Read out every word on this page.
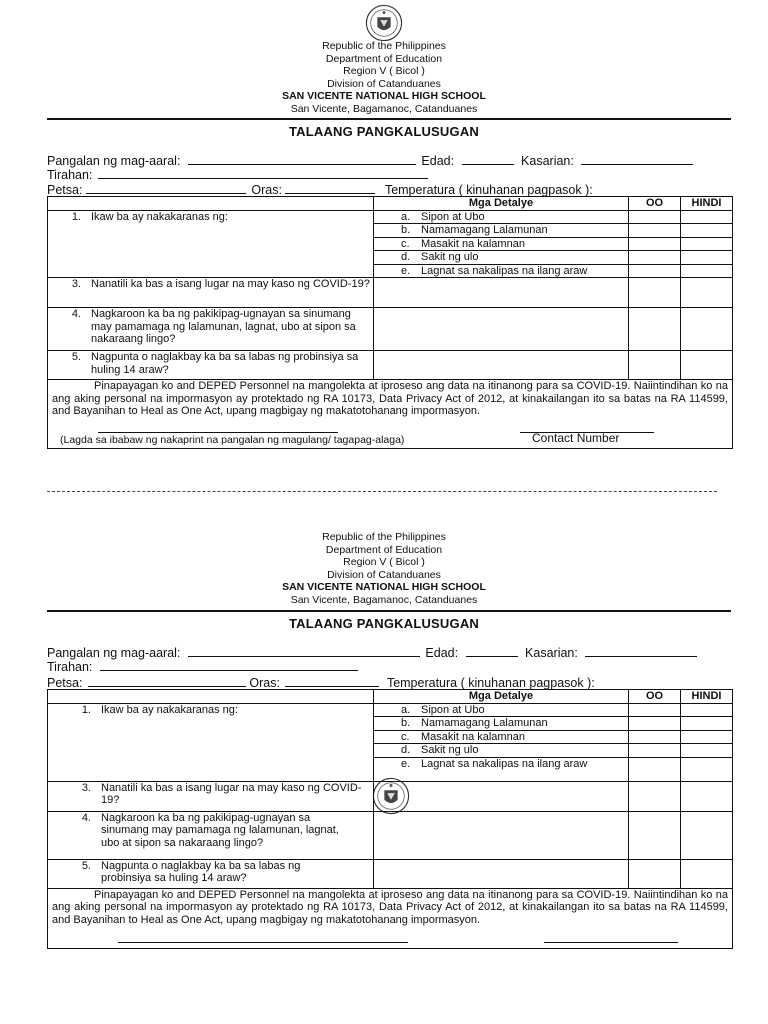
Republic of the Philippines
Department of Education
Region V ( Bicol )
Division of Catanduanes
SAN VICENTE NATIONAL HIGH SCHOOL
San Vicente, Bagamanoc, Catanduanes
TALAANG PANGKALUSUGAN
Pangalan ng mag-aaral:	Edad:	Kasarian:
Tirahan:
Petsa:	Oras:	Temperatura ( kinuhanan pagpasok ):
	Mga Detalye	OO	HINDI

1. Ikaw ba ay nakakaranas ng:	a. Sipon at Ubo		

	b. Namamagang Lalamunan		

	c. Masakit na kalamnan		

	d. Sakit ng ulo		

	e. Lagnat sa nakalipas na ilang araw		

3. Nanatili ka bas a isang lugar na may kaso ng COVID-19?			

4. Nagkaroon ka ba ng pakikipag-ugnayan sa sinumang may pamamaga ng lalamunan, lagnat, ubo at sipon sa nakaraang lingo?			

5. Nagpunta o naglakbay ka ba sa labas ng probinsiya sa huling 14 araw?			

Pinapayagan ko and DEPED Personnel na mangolekta at iproseso ang data na itinanong para sa COVID-19. Naiintindihan ko na ang aking personal na impormasyon ay protektado ng RA 10173, Data Privacy Act of 2012, at kinakailangan ito sa batas na RA 114599, and Bayanihan to Heal as One Act, upang magbigay ng makatotohanang impormasyon.
(Lagda sa ibabaw ng nakaprint na pangalan ng magulang/ tagapag-alaga) Contact Number			
Republic of the Philippines
Department of Education
Region V ( Bicol )
Division of Catanduanes
SAN VICENTE NATIONAL HIGH SCHOOL
San Vicente, Bagamanoc, Catanduanes
TALAANG PANGKALUSUGAN
Pangalan ng mag-aaral:	Edad:	Kasarian:
Tirahan:
Petsa:	Oras:	Temperatura ( kinuhanan pagpasok ):
	Mga Detalye	OO	HINDI

1. Ikaw ba ay nakakaranas ng:	a. Sipon at Ubo		

	b. Namamagang Lalamunan		

	c. Masakit na kalamnan		

	d. Sakit ng ulo		

	e. Lagnat sa nakalipas na ilang araw		

3. Nanatili ka bas a isang lugar na may kaso ng COVID-19?			

4. Nagkaroon ka ba ng pakikipag-ugnayan sa sinumang may pamamaga ng lalamunan, lagnat, ubo at sipon sa nakaraang lingo?			

5. Nagpunta o naglakbay ka ba sa labas ng probinsiya sa huling 14 araw?			

Pinapayagan ko and DEPED Personnel na mangolekta at iproseso ang data na itinanong para sa COVID-19. Naiintindihan ko na ang aking personal na impormasyon ay protektado ng RA 10173, Data Privacy Act of 2012, at kinakailangan ito sa batas na RA 114599, and Bayanihan to Heal as One Act, upang magbigay ng makatotohanang impormasyon.			
